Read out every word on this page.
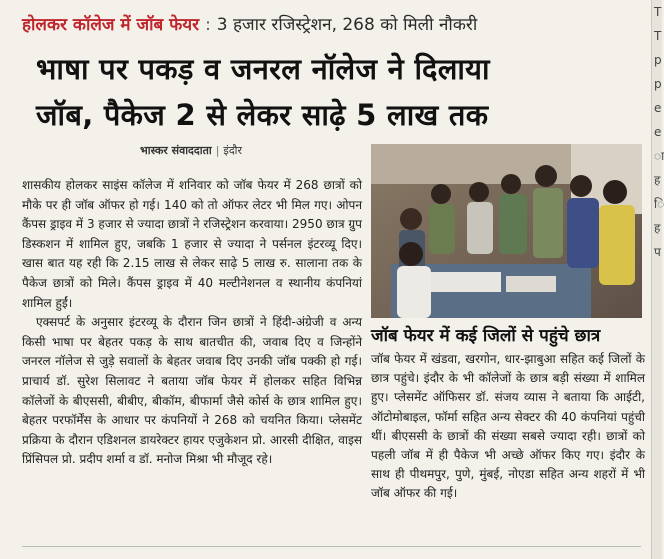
होलकर कॉलेज में जॉब फेयर : 3 हजार रजिस्ट्रेशन, 268 को मिली नौकरी
भाषा पर पकड़ व जनरल नॉलेज ने दिलाया
जॉब, पैकेज 2 से लेकर साढ़े 5 लाख तक
भास्कर संवाददाता | इंदौर

शासकीय होलकर साइंस कॉलेज में शनिवार को जॉब फेयर में 268 छात्रों को मौके पर ही जॉब ऑफर हो गई। 140 को तो ऑफर लेटर भी मिल गए। ओपन कैंपस ड्राइव में 3 हजार से ज्यादा छात्रों ने रजिस्ट्रेशन करवाया। 2950 छात्र ग्रुप डिस्कशन में शामिल हुए, जबकि 1 हजार से ज्यादा ने पर्सनल इंटरव्यू दिए। खास बात यह रही कि 2.15 लाख से लेकर साढ़े 5 लाख रु. सालाना तक के पैकेज छात्रों को मिले। कैंपस ड्राइव में 40 मल्टीनेशनल व स्थानीय कंपनियां शामिल हुईं।

एक्सपर्ट के अनुसार इंटरव्यू के दौरान जिन छात्रों ने हिंदी-अंग्रेजी व अन्य किसी भाषा पर बेहतर पकड़ के साथ बातचीत की, जवाब दिए व जिन्होंने जनरल नॉलेज से जुड़े सवालों के बेहतर जवाब दिए उनकी जॉब पक्की हो गई। प्राचार्य डॉ. सुरेश सिलावट ने बताया जॉब फेयर में होलकर सहित विभिन्न कॉलेजों के बीएससी, बीबीए, बीकॉम, बीफार्मा जैसे कोर्स के छात्र शामिल हुए। बेहतर परफॉर्मेंस के आधार पर कंपनियों ने 268 को चयनित किया। प्लेसमेंट प्रक्रिया के दौरान एडिशनल डायरेक्टर हायर एजुकेशन प्रो. आरसी दीक्षित, वाइस प्रिंसिपल प्रो. प्रदीप शर्मा व डॉ. मनोज मिश्रा भी मौजूद रहे।

जॉब फेयर में कई जिलों से पहुंचे छात्र

जॉब फेयर में खंडवा, खरगोन, धार-झाबुआ सहित कई जिलों के छात्र पहुंचे। इंदौर के भी कॉलेजों के छात्र बड़ी संख्या में शामिल हुए। प्लेसमेंट ऑफिसर डॉ. संजय व्यास ने बताया कि आईटी, ऑटोमोबाइल, फॉर्मा सहित अन्य सेक्टर की 40 कंपनियां पहुंची थीं। बीएससी के छात्रों की संख्या सबसे ज्यादा रही। छात्रों को पहली जॉब में ही पैकेज भी अच्छे ऑफर किए गए। इंदौर के साथ ही पीथमपुर, पुणे, मुंबई, नोएडा सहित अन्य शहरों में भी जॉब ऑफर की गई।

T
T
p
p
e
e
ा
ह
ि
ह
प
